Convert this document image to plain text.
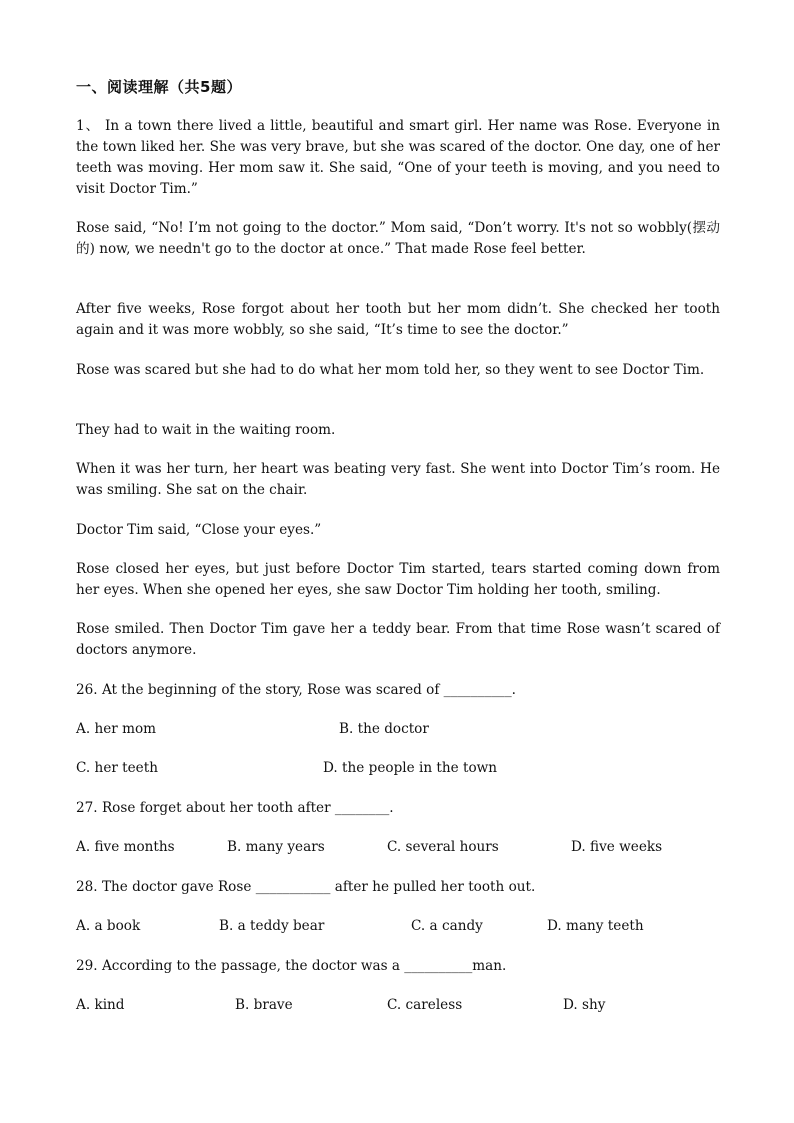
一、阅读理解（共5题）

1、 In a town there lived a little, beautiful and smart girl. Her name was Rose. Everyone in the town liked her. She was very brave, but she was scared of the doctor. One day, one of her teeth was moving. Her mom saw it. She said, “One of your teeth is moving, and you need to visit Doctor Tim.”

Rose said, “No! I’m not going to the doctor.” Mom said, “Don’t worry. It's not so wobbly(摆动的) now, we needn't go to the doctor at once.” That made Rose feel better.

After five weeks, Rose forgot about her tooth but her mom didn’t. She checked her tooth again and it was more wobbly, so she said, “It’s time to see the doctor.”

Rose was scared but she had to do what her mom told her, so they went to see Doctor Tim.

They had to wait in the waiting room.

When it was her turn, her heart was beating very fast. She went into Doctor Tim’s room. He was smiling. She sat on the chair.

Doctor Tim said, “Close your eyes.”

Rose closed her eyes, but just before Doctor Tim started, tears started coming down from her eyes. When she opened her eyes, she saw Doctor Tim holding her tooth, smiling.

Rose smiled. Then Doctor Tim gave her a teddy bear. From that time Rose wasn’t scared of doctors anymore.

26. At the beginning of the story, Rose was scared of __________.
A. her mom	B. the doctor
C. her teeth	D. the people in the town
27. Rose forget about her tooth after ________.
A. five months	B. many years	C. several hours	D. five weeks
28. The doctor gave Rose ___________ after he pulled her tooth out.
A. a book	B. a teddy bear	C. a candy	D. many teeth
29. According to the passage, the doctor was a __________man.
A. kind	B. brave	C. careless	D. shy
